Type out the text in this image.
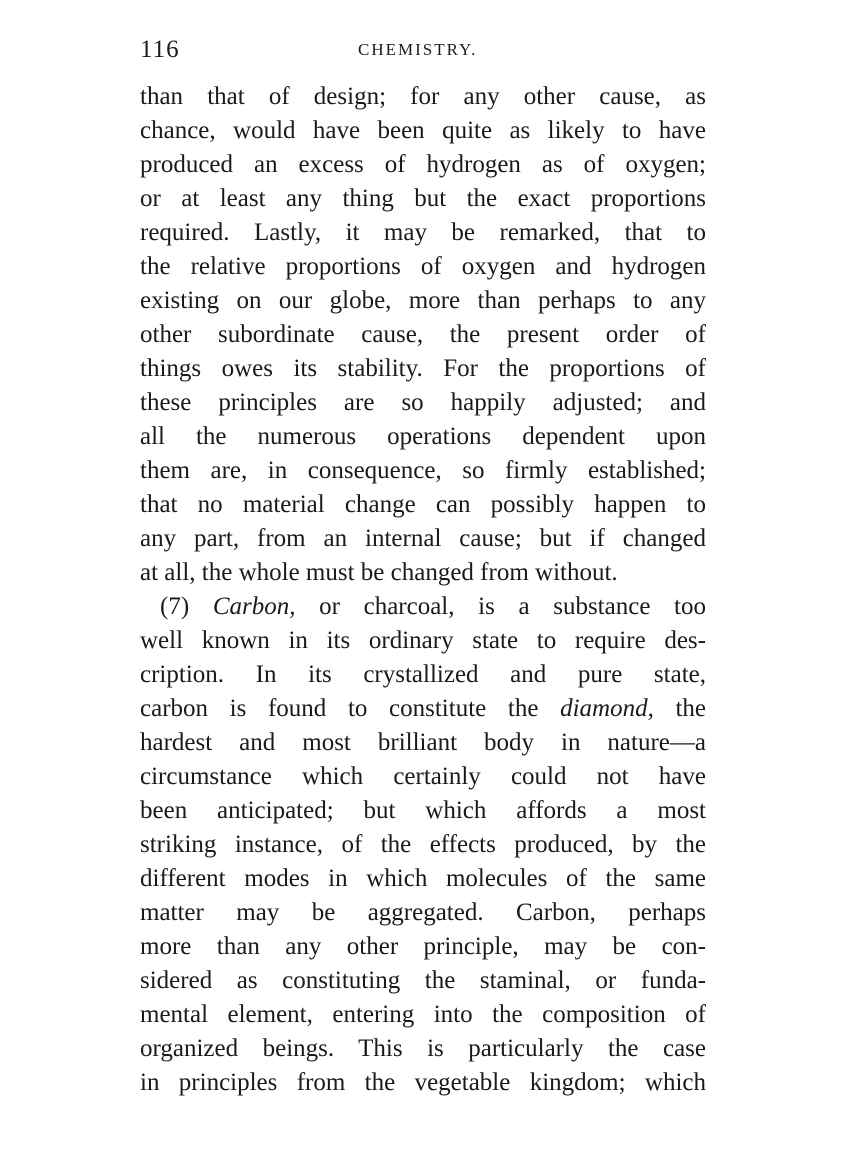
116	CHEMISTRY.
than that of design; for any other cause, as
chance, would have been quite as likely to have
produced an excess of hydrogen as of oxygen;
or at least any thing but the exact proportions
required. Lastly, it may be remarked, that to
the relative proportions of oxygen and hydrogen
existing on our globe, more than perhaps to any
other subordinate cause, the present order of
things owes its stability. For the proportions of
these principles are so happily adjusted; and
all the numerous operations dependent upon
them are, in consequence, so firmly established;
that no material change can possibly happen to
any part, from an internal cause; but if changed
at all, the whole must be changed from without.
(7) Carbon, or charcoal, is a substance too
well known in its ordinary state to require des-
cription. In its crystallized and pure state,
carbon is found to constitute the diamond, the
hardest and most brilliant body in nature—a
circumstance which certainly could not have
been anticipated; but which affords a most
striking instance, of the effects produced, by the
different modes in which molecules of the same
matter may be aggregated. Carbon, perhaps
more than any other principle, may be con-
sidered as constituting the staminal, or funda-
mental element, entering into the composition of
organized beings. This is particularly the case
in principles from the vegetable kingdom; which
